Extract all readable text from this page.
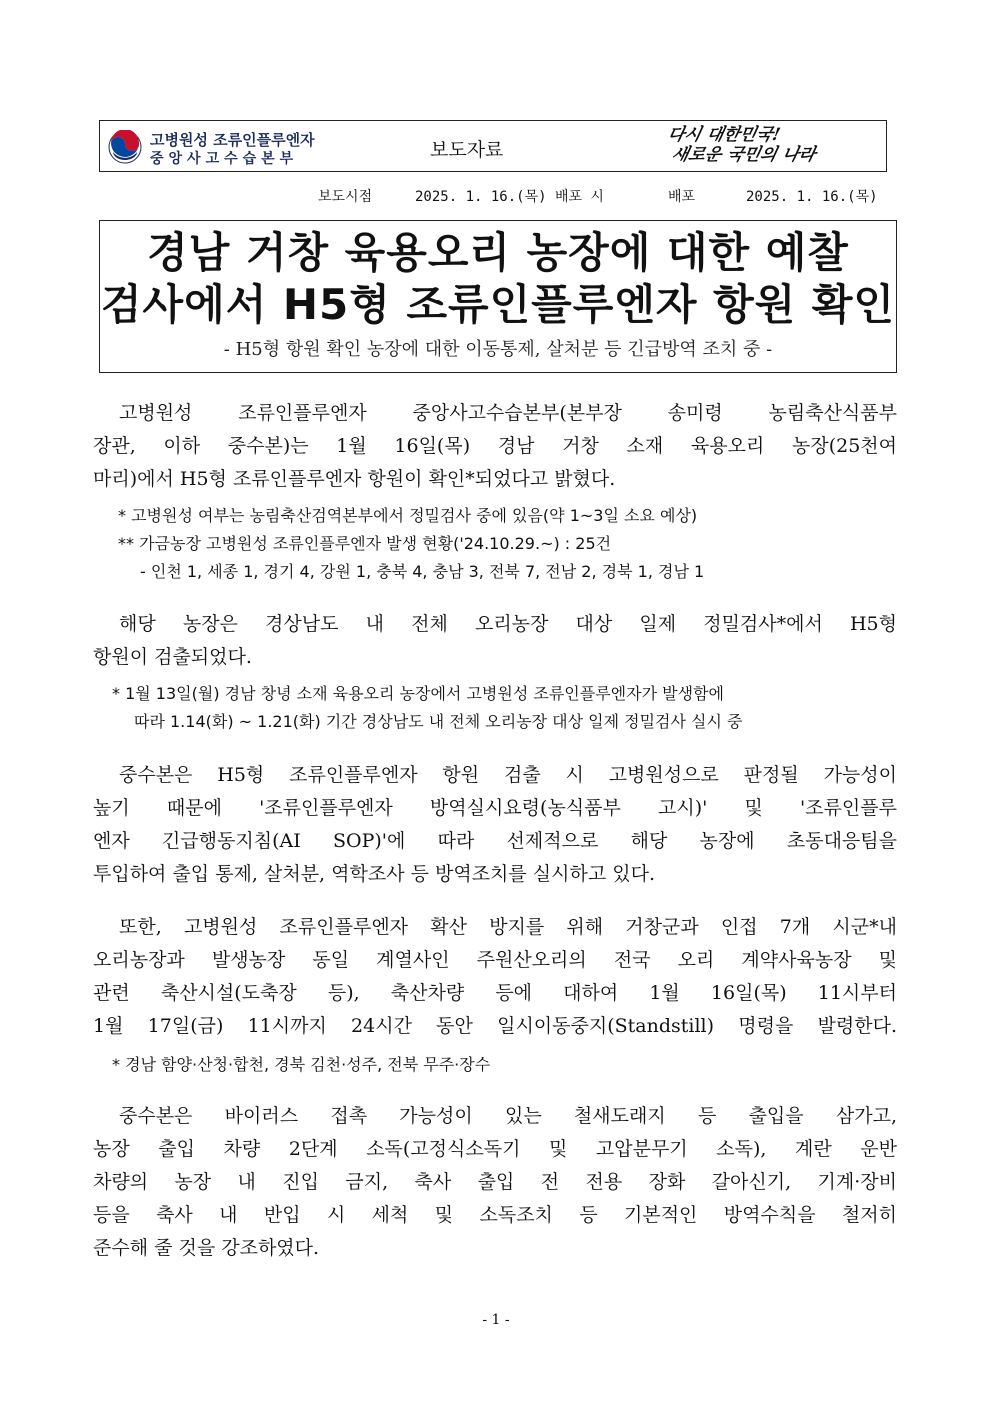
고병원성 조류인플루엔자
중앙사고수습본부	보도자료
다시 대한민국!
새로운 국민의 나라
보도시점	2025. 1. 16.(목) 배포 시	배포	2025. 1. 16.(목)
경남 거창 육용오리 농장에 대한 예찰
검사에서 H5형 조류인플루엔자 항원 확인
- H5형 항원 확인 농장에 대한 이동통제, 살처분 등 긴급방역 조치 중 -
고병원성 조류인플루엔자 중앙사고수습본부(본부장 송미령 농림축산식품부
장관, 이하 중수본)는 1월 16일(목) 경남 거창 소재 육용오리 농장(25천여
마리)에서 H5형 조류인플루엔자 항원이 확인*되었다고 밝혔다.
* 고병원성 여부는 농림축산검역본부에서 정밀검사 중에 있음(약 1~3일 소요 예상)
** 가금농장 고병원성 조류인플루엔자 발생 현황('24.10.29.~) : 25건
- 인천 1, 세종 1, 경기 4, 강원 1, 충북 4, 충남 3, 전북 7, 전남 2, 경북 1, 경남 1
해당 농장은 경상남도 내 전체 오리농장 대상 일제 정밀검사*에서 H5형
항원이 검출되었다.
* 1월 13일(월) 경남 창녕 소재 육용오리 농장에서 고병원성 조류인플루엔자가 발생함에
따라 1.14(화) ~ 1.21(화) 기간 경상남도 내 전체 오리농장 대상 일제 정밀검사 실시 중
중수본은 H5형 조류인플루엔자 항원 검출 시 고병원성으로 판정될 가능성이
높기 때문에 '조류인플루엔자 방역실시요령(농식품부 고시)' 및 '조류인플루
엔자 긴급행동지침(AI SOP)'에 따라 선제적으로 해당 농장에 초동대응팀을
투입하여 출입 통제, 살처분, 역학조사 등 방역조치를 실시하고 있다.
또한, 고병원성 조류인플루엔자 확산 방지를 위해 거창군과 인접 7개 시군*내
오리농장과 발생농장 동일 계열사인 주원산오리의 전국 오리 계약사육농장 및
관련 축산시설(도축장 등), 축산차량 등에 대하여 1월 16일(목) 11시부터
1월 17일(금) 11시까지 24시간 동안 일시이동중지(Standstill) 명령을 발령한다.
* 경남 함양·산청·합천, 경북 김천·성주, 전북 무주·장수
중수본은 바이러스 접촉 가능성이 있는 철새도래지 등 출입을 삼가고,
농장 출입 차량 2단계 소독(고정식소독기 및 고압분무기 소독), 계란 운반
차량의 농장 내 진입 금지, 축사 출입 전 전용 장화 갈아신기, 기계·장비
등을 축사 내 반입 시 세척 및 소독조치 등 기본적인 방역수칙을 철저히
준수해 줄 것을 강조하였다.
- 1 -
